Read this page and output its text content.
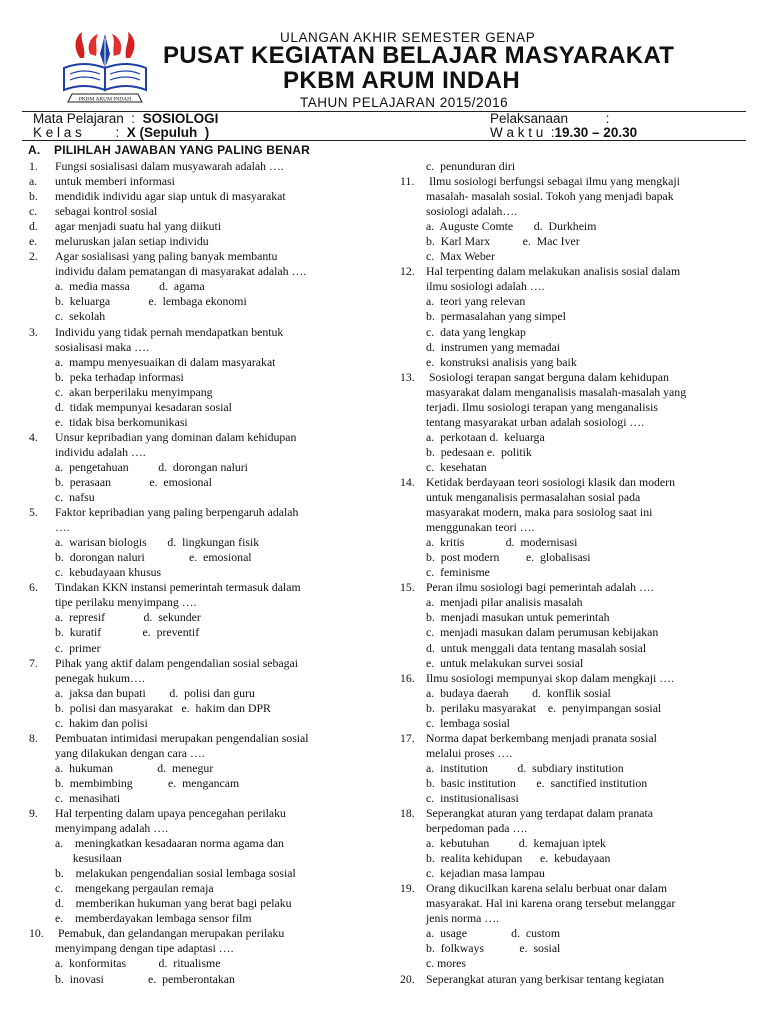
PKBM ARUM INDAH
ULANGAN AKHIR SEMESTER GENAP
PUSAT KEGIATAN BELAJAR MASYARAKAT
PKBM ARUM INDAH
TAHUN PELAJARAN 2015/2016
Mata Pelajaran  : SOSIOLOGI
K e l a s         : X (Sepuluh  )
Pelaksanaan          :
W a k t u  :19.30 – 20.30
A. PILIHLAH JAWABAN YANG PALING BENAR
1. Fungsi sosialisasi dalam musyawarah adalah ….
a. untuk memberi informasi
b. mendidik individu agar siap untuk di masyarakat
c. sebagai kontrol sosial
d. agar menjadi suatu hal yang diikuti
e. meluruskan jalan setiap individu
2. Agar sosialisasi yang paling banyak membantu
individu dalam pematangan di masyarakat adalah ….
a.  media massa          d.  agama
b.  keluarga             e.  lembaga ekonomi
c.  sekolah
3. Individu yang tidak pernah mendapatkan bentuk
sosialisasi maka ….
a.  mampu menyesuaikan di dalam masyarakat
b.  peka terhadap informasi
c.  akan berperilaku menyimpang
d.  tidak mempunyai kesadaran sosial
e.  tidak bisa berkomunikasi
4. Unsur kepribadian yang dominan dalam kehidupan
individu adalah ….
a.  pengetahuan          d.  dorongan naluri
b.  perasaan             e.  emosional
c.  nafsu
5. Faktor kepribadian yang paling berpengaruh adalah
….
a.  warisan biologis       d.  lingkungan fisik
b.  dorongan naluri               e.  emosional
c.  kebudayaan khusus
6. Tindakan KKN instansi pemerintah termasuk dalam
tipe perilaku menyimpang ….
a.  represif             d.  sekunder
b.  kuratif              e.  preventif
c.  primer
7. Pihak yang aktif dalam pengendalian sosial sebagai
penegak hukum….
a.  jaksa dan bupati        d.  polisi dan guru
b.  polisi dan masyarakat   e.  hakim dan DPR
c.  hakim dan polisi
8. Pembuatan intimidasi merupakan pengendalian sosial
yang dilakukan dengan cara ….
a.  hukuman               d.  menegur
b.  membimbing            e.  mengancam
c.  menasihati
9. Hal terpenting dalam upaya pencegahan perilaku
menyimpang adalah ….
a.    meningkatkan kesadaaran norma agama dan
kesusilaan
b.    melakukan pengendalian sosial lembaga sosial
c.    mengekang pergaulan remaja
d.    memberikan hukuman yang berat bagi pelaku
e.    memberdayakan lembaga sensor film
10. Pemabuk, dan gelandangan merupakan perilaku
menyimpang dengan tipe adaptasi ….
a.  konformitas           d.  ritualisme
b.  inovasi               e.  pemberontakan
c.  penunduran diri
11. Ilmu sosiologi berfungsi sebagai ilmu yang mengkaji
masalah- masalah sosial. Tokoh yang menjadi bapak
sosiologi adalah….
a.  Auguste Comte       d.  Durkheim
b.  Karl Marx           e.  Mac Iver
c.  Max Weber
12. Hal terpenting dalam melakukan analisis sosial dalam
ilmu sosiologi adalah ….
a.  teori yang relevan
b.  permasalahan yang simpel
c.  data yang lengkap
d.  instrumen yang memadai
e.  konstruksi analisis yang baik
13. Sosiologi terapan sangat berguna dalam kehidupan
masyarakat dalam menganalisis masalah-masalah yang
terjadi. Ilmu sosiologi terapan yang menganalisis
tentang masyarakat urban adalah sosiologi ….
a.  perkotaan d.  keluarga
b.  pedesaan e.  politik
c.  kesehatan
14. Ketidak berdayaan teori sosiologi klasik dan modern
untuk menganalisis permasalahan sosial pada
masyarakat modern, maka para sosiolog saat ini
menggunakan teori ….
a.  kritis              d.  modernisasi
b.  post modern         e.  globalisasi
c.  feminisme
15. Peran ilmu sosiologi bagi pemerintah adalah ….
a.  menjadi pilar analisis masalah
b.  menjadi masukan untuk pemerintah
c.  menjadi masukan dalam perumusan kebijakan
d.  untuk menggali data tentang masalah sosial
e.  untuk melakukan survei sosial
16. Ilmu sosiologi mempunyai skop dalam mengkaji ….
a.  budaya daerah        d.  konflik sosial
b.  perilaku masyarakat    e.  penyimpangan sosial
c.  lembaga sosial
17. Norma dapat berkembang menjadi pranata sosial
melalui proses ….
a.  institution          d.  subdiary institution
b.  basic institution       e.  sanctified institution
c.  institusionalisasi
18. Seperangkat aturan yang terdapat dalam pranata
berpedoman pada ….
a.  kebutuhan          d.  kemajuan iptek
b.  realita kehidupan      e.  kebudayaan
c.  kejadian masa lampau
19. Orang dikucilkan karena selalu berbuat onar dalam
masyarakat. Hal ini karena orang tersebut melanggar
jenis norma ….
a.  usage               d.  custom
b.  folkways            e.  sosial
c. mores
20. Seperangkat aturan yang berkisar tentang kegiatan
